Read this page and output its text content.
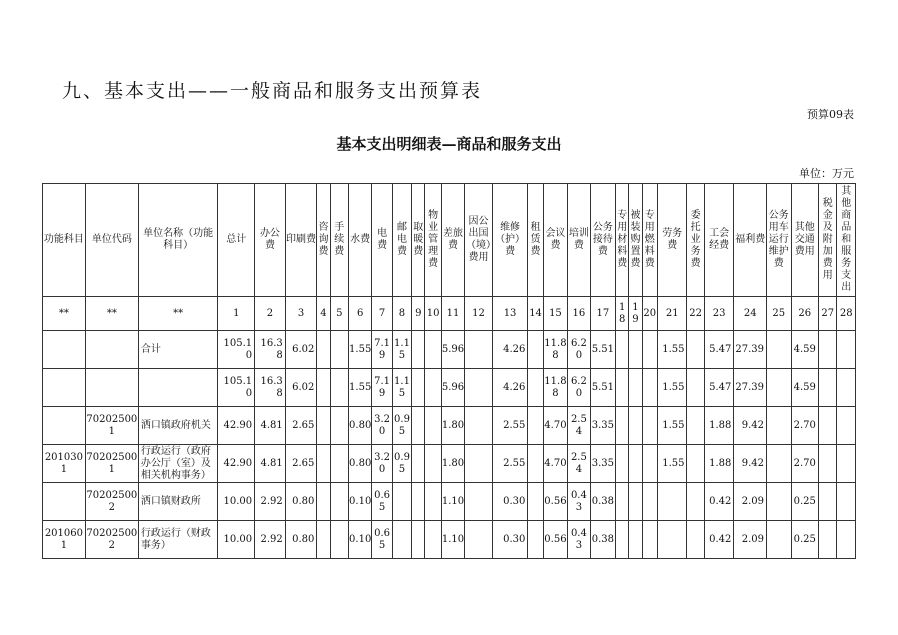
九、基本支出——一般商品和服务支出预算表
预算09表
基本支出明细表—商品和服务支出
单位：万元
功能科目	单位代码	单位名称（功能科目）	总计	办公费	印刷费	咨询费	手续费	水费	电费	邮电费	取暖费	物业管理费	差旅费	因公出国（境）费用	维修（护）费	租赁费	会议费	培训费	公务接待费	专用材料费	被装购置费	专用燃料费	劳务费	委托业务费	工会经费	福利费	公务用车运行维护费	其他交通费用	税金及附加费用	其他商品和服务支出
**	**	**	1	2	3	4	5	6	7	8	9	10	11	12	13	14	15	16	17	18	19	20	21	22	23	24	25	26	27	28
		合计	105.10	16.38	6.02			1.55	7.19	1.15			5.96		4.26		11.88	6.20	5.51				1.55		5.47	27.39		4.59		
			105.10	16.38	6.02			1.55	7.19	1.15			5.96		4.26		11.88	6.20	5.51				1.55		5.47	27.39		4.59		
	702025001	洒口镇政府机关	42.90	4.81	2.65			0.80	3.20	0.95			1.80		2.55		4.70	2.54	3.35				1.55		1.88	9.42		2.70		
2010301	702025001	行政运行（政府办公厅（室）及相关机构事务）	42.90	4.81	2.65			0.80	3.20	0.95			1.80		2.55		4.70	2.54	3.35				1.55		1.88	9.42		2.70		
	702025002	洒口镇财政所	10.00	2.92	0.80			0.10	0.65				1.10		0.30		0.56	0.43	0.38						0.42	2.09		0.25		
2010601	702025002	行政运行（财政事务）	10.00	2.92	0.80			0.10	0.65				1.10		0.30		0.56	0.43	0.38						0.42	2.09		0.25		
